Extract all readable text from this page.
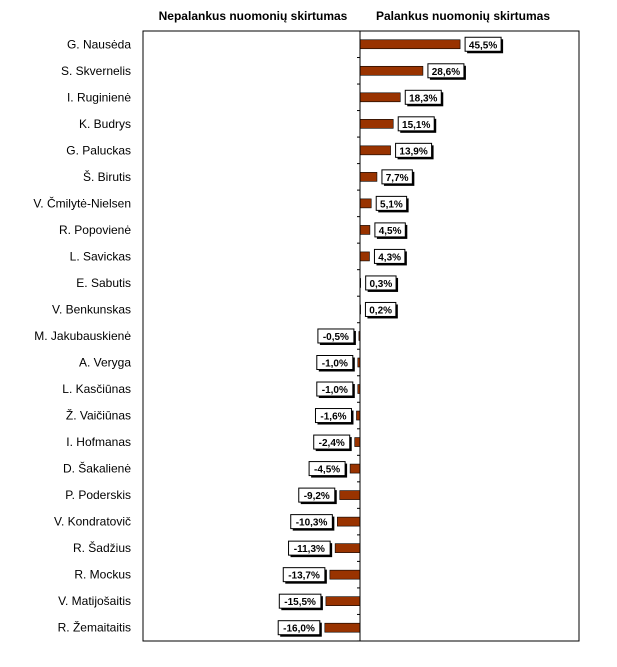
Nepalankus nuomonių skirtumas Palankus nuomonių skirtumas
G. Nausėda
S. Skvernelis
I. Ruginienė
K. Budrys
G. Paluckas
Š. Birutis
V. Čmilytė-Nielsen
R. Popovienė
L. Savickas
E. Sabutis
V. Benkunskas
M. Jakubauskienė
A. Veryga
L. Kasčiūnas
Ž. Vaičiūnas
I. Hofmanas
D. Šakalienė
P. Poderskis
V. Kondratovič
R. Šadžius
R. Mockus
V. Matijošaitis
R. Žemaitaitis
45,5%
28,6%
18,3%
15,1%
13,9%
7,7%
5,1%
4,5%
4,3%
0,3%
0,2%
-0,5%
-1,0%
-1,0%
-1,6%
-2,4%
-4,5%
-9,2%
-10,3%
-11,3%
-13,7%
-15,5%
-16,0%
